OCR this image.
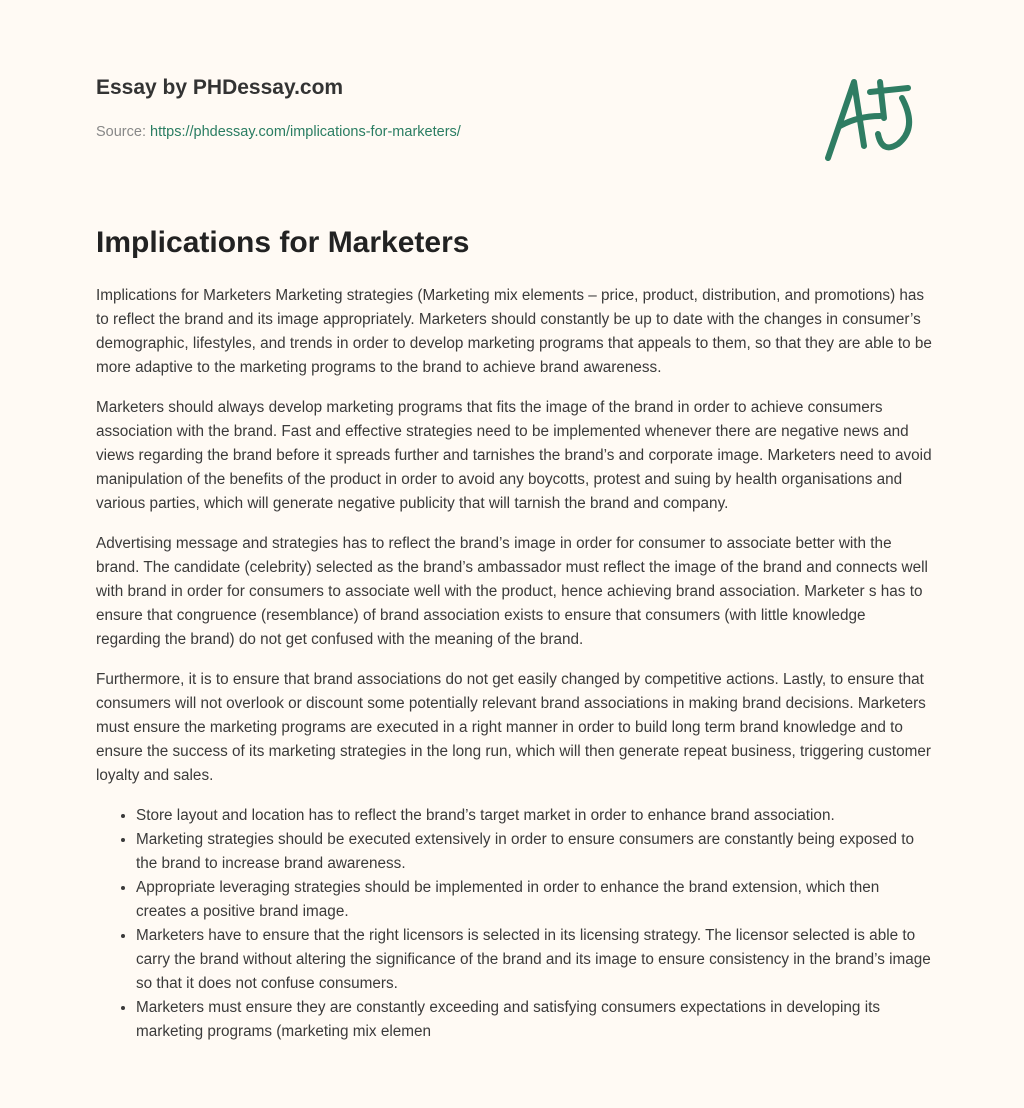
Essay by PHDessay.com
Source: https://phdessay.com/implications-for-marketers/
Implications for Marketers

Implications for Marketers Marketing strategies (Marketing mix elements – price, product, distribution, and promotions) has to reflect the brand and its image appropriately. Marketers should constantly be up to date with the changes in consumer’s demographic, lifestyles, and trends in order to develop marketing programs that appeals to them, so that they are able to be more adaptive to the marketing programs to the brand to achieve brand awareness.

Marketers should always develop marketing programs that fits the image of the brand in order to achieve consumers association with the brand. Fast and effective strategies need to be implemented whenever there are negative news and views regarding the brand before it spreads further and tarnishes the brand’s and corporate image. Marketers need to avoid manipulation of the benefits of the product in order to avoid any boycotts, protest and suing by health organisations and various parties, which will generate negative publicity that will tarnish the brand and company.

Advertising message and strategies has to reflect the brand’s image in order for consumer to associate better with the brand. The candidate (celebrity) selected as the brand’s ambassador must reflect the image of the brand and connects well with brand in order for consumers to associate well with the product, hence achieving brand association. Marketer s has to ensure that congruence (resemblance) of brand association exists to ensure that consumers (with little knowledge regarding the brand) do not get confused with the meaning of the brand.

Furthermore, it is to ensure that brand associations do not get easily changed by competitive actions. Lastly, to ensure that consumers will not overlook or discount some potentially relevant brand associations in making brand decisions. Marketers must ensure the marketing programs are executed in a right manner in order to build long term brand knowledge and to ensure the success of its marketing strategies in the long run, which will then generate repeat business, triggering customer loyalty and sales.

• Store layout and location has to reflect the brand’s target market in order to enhance brand association.
• Marketing strategies should be executed extensively in order to ensure consumers are constantly being exposed to the brand to increase brand awareness.
• Appropriate leveraging strategies should be implemented in order to enhance the brand extension, which then creates a positive brand image.
• Marketers have to ensure that the right licensors is selected in its licensing strategy. The licensor selected is able to carry the brand without altering the significance of the brand and its image to ensure consistency in the brand’s image so that it does not confuse consumers.
• Marketers must ensure they are constantly exceeding and satisfying consumers expectations in developing its marketing programs (marketing mix elemen
